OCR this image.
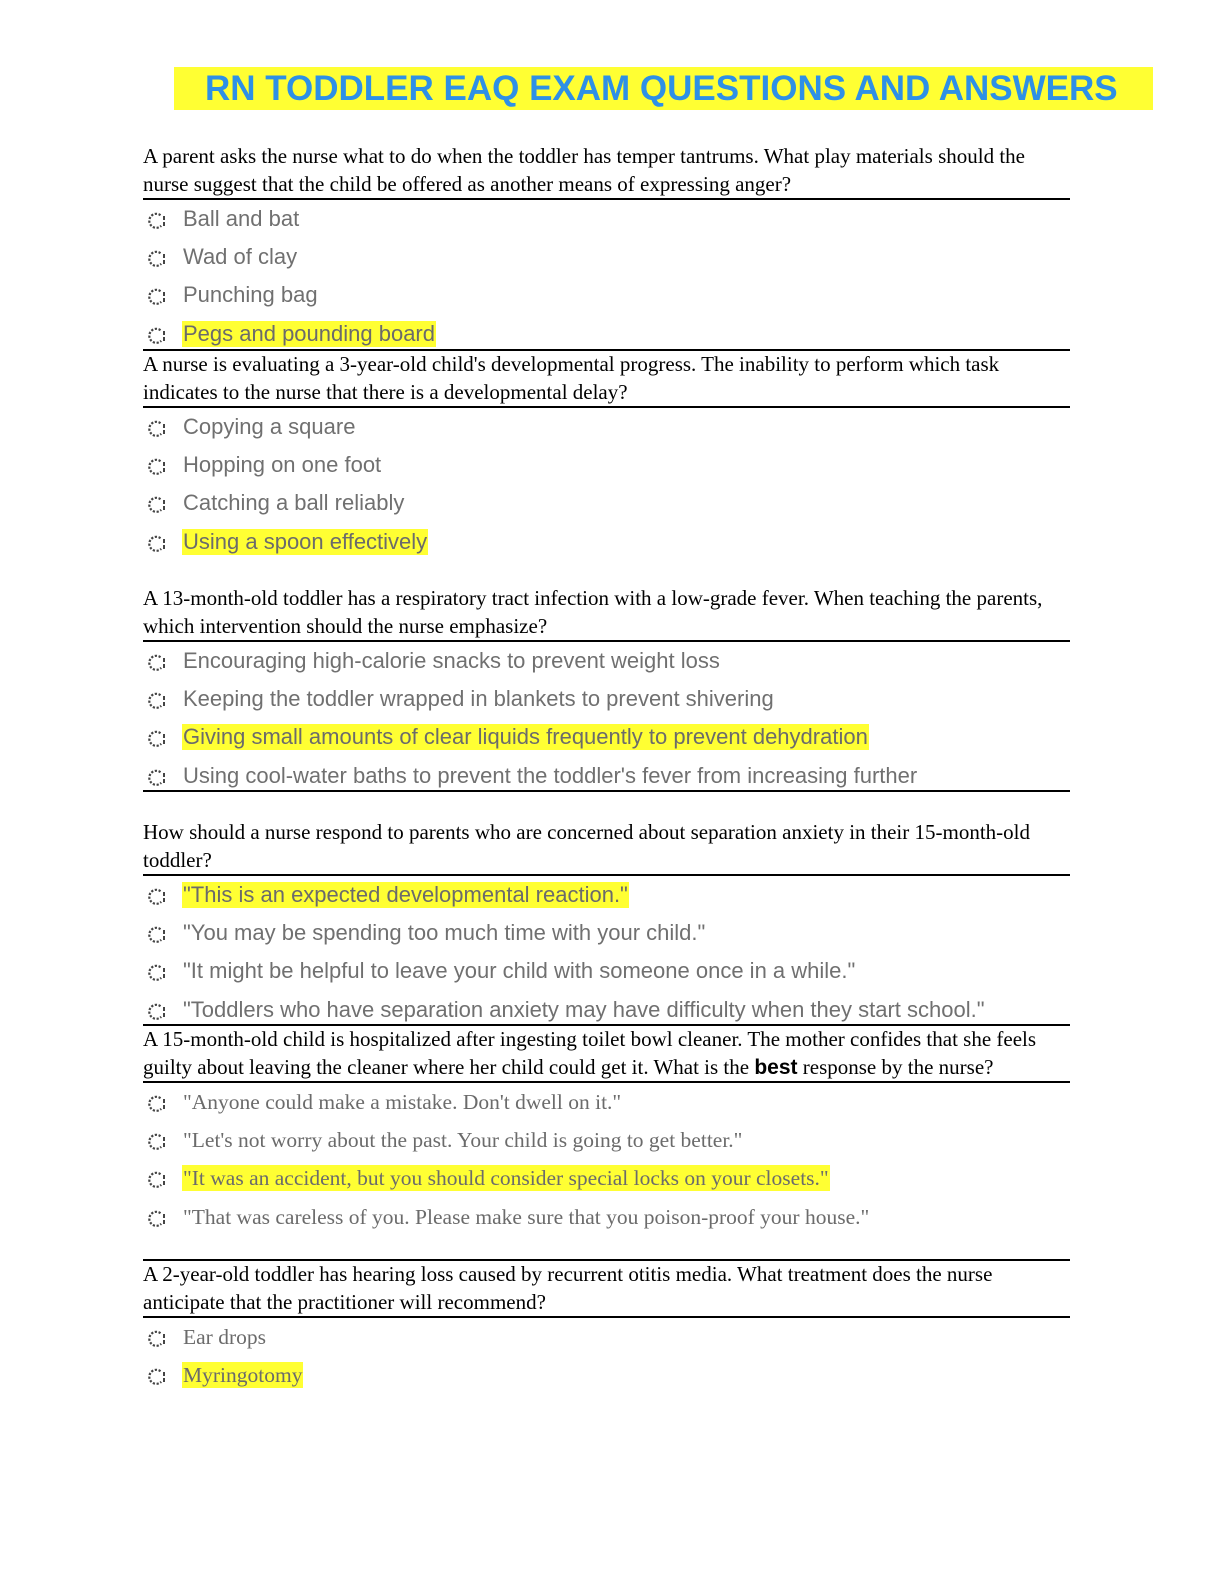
RN TODDLER EAQ EXAM QUESTIONS AND ANSWERS

A parent asks the nurse what to do when the toddler has temper tantrums. What play materials should the nurse suggest that the child be offered as another means of expressing anger?

Ball and bat
Wad of clay
Punching bag
Pegs and pounding board

A nurse is evaluating a 3-year-old child's developmental progress. The inability to perform which task indicates to the nurse that there is a developmental delay?

Copying a square
Hopping on one foot
Catching a ball reliably
Using a spoon effectively

A 13-month-old toddler has a respiratory tract infection with a low-grade fever. When teaching the parents, which intervention should the nurse emphasize?

Encouraging high-calorie snacks to prevent weight loss
Keeping the toddler wrapped in blankets to prevent shivering
Giving small amounts of clear liquids frequently to prevent dehydration
Using cool-water baths to prevent the toddler's fever from increasing further

How should a nurse respond to parents who are concerned about separation anxiety in their 15-month-old toddler?

"This is an expected developmental reaction."
"You may be spending too much time with your child."
"It might be helpful to leave your child with someone once in a while."
"Toddlers who have separation anxiety may have difficulty when they start school."

A 15-month-old child is hospitalized after ingesting toilet bowl cleaner. The mother confides that she feels guilty about leaving the cleaner where her child could get it. What is the best response by the nurse?

"Anyone could make a mistake. Don't dwell on it."
"Let's not worry about the past. Your child is going to get better."
"It was an accident, but you should consider special locks on your closets."
"That was careless of you. Please make sure that you poison-proof your house."

A 2-year-old toddler has hearing loss caused by recurrent otitis media. What treatment does the nurse anticipate that the practitioner will recommend?

Ear drops
Myringotomy
